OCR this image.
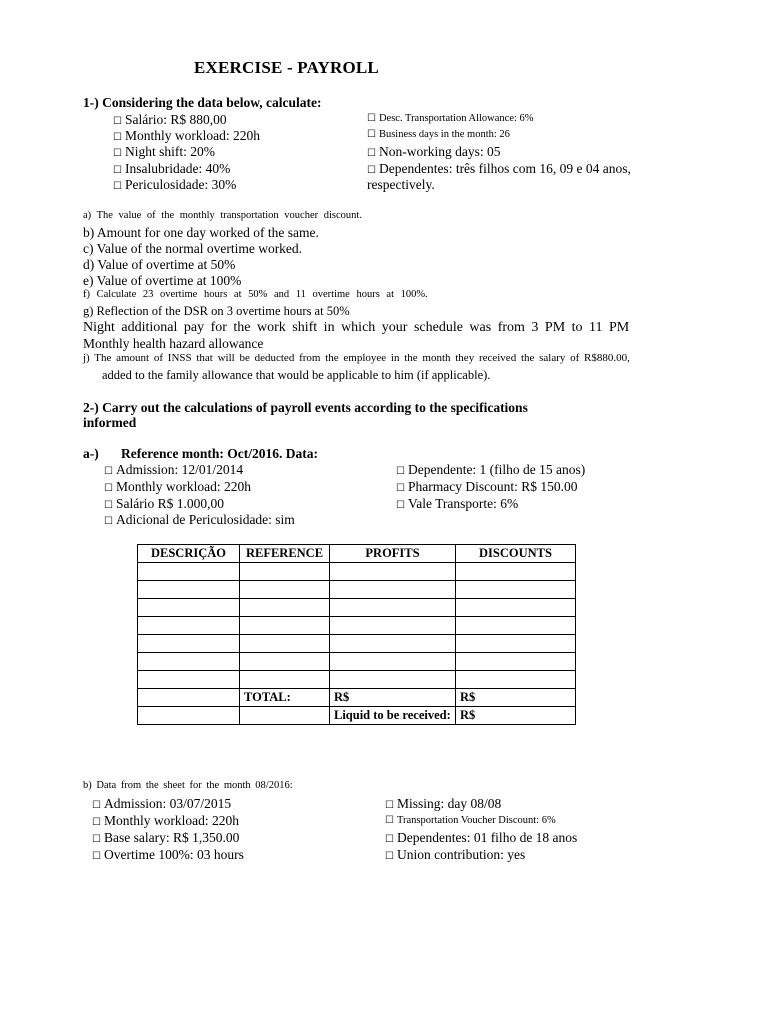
EXERCISE - PAYROLL
1-) Considering the data below, calculate:
☐ Salário: R$ 880,00
☐ Monthly workload: 220h
☐ Night shift: 20%
☐ Insalubridade: 40%
☐ Periculosidade: 30%
☐ Desc. Transportation Allowance: 6%
☐ Business days in the month: 26
☐ Non-working days: 05
☐ Dependentes: três filhos com 16, 09 e 04 anos,
respectively.
a) The value of the monthly transportation voucher discount.
b) Amount for one day worked of the same.
c) Value of the normal overtime worked.
d) Value of overtime at 50%
e) Value of overtime at 100%
f) Calculate 23 overtime hours at 50% and 11 overtime hours at 100%.
g) Reflection of the DSR on 3 overtime hours at 50%
Night additional pay for the work shift in which your schedule was from 3 PM to 11 PM
Monthly health hazard allowance
j) The amount of INSS that will be deducted from the employee in the month they received the salary of R$880.00,
added to the family allowance that would be applicable to him (if applicable).
2-) Carry out the calculations of payroll events according to the specifications
informed
a-) Reference month: Oct/2016. Data:
☐ Admission: 12/01/2014
☐ Monthly workload: 220h
☐ Salário R$ 1.000,00
☐ Adicional de Periculosidade: sim
☐ Dependente: 1 (filho de 15 anos)
☐ Pharmacy Discount: R$ 150.00
☐ Vale Transporte: 6%
DESCRIÇÃO	REFERENCE	PROFITS	DISCOUNTS

	TOTAL:	R$	R$
		Liquid to be received:	R$
b) Data from the sheet for the month 08/2016:
☐ Admission: 03/07/2015
☐ Monthly workload: 220h
☐ Base salary: R$ 1,350.00
☐ Overtime 100%: 03 hours
☐ Missing: day 08/08
☐ Transportation Voucher Discount: 6%
☐ Dependentes: 01 filho de 18 anos
☐ Union contribution: yes
